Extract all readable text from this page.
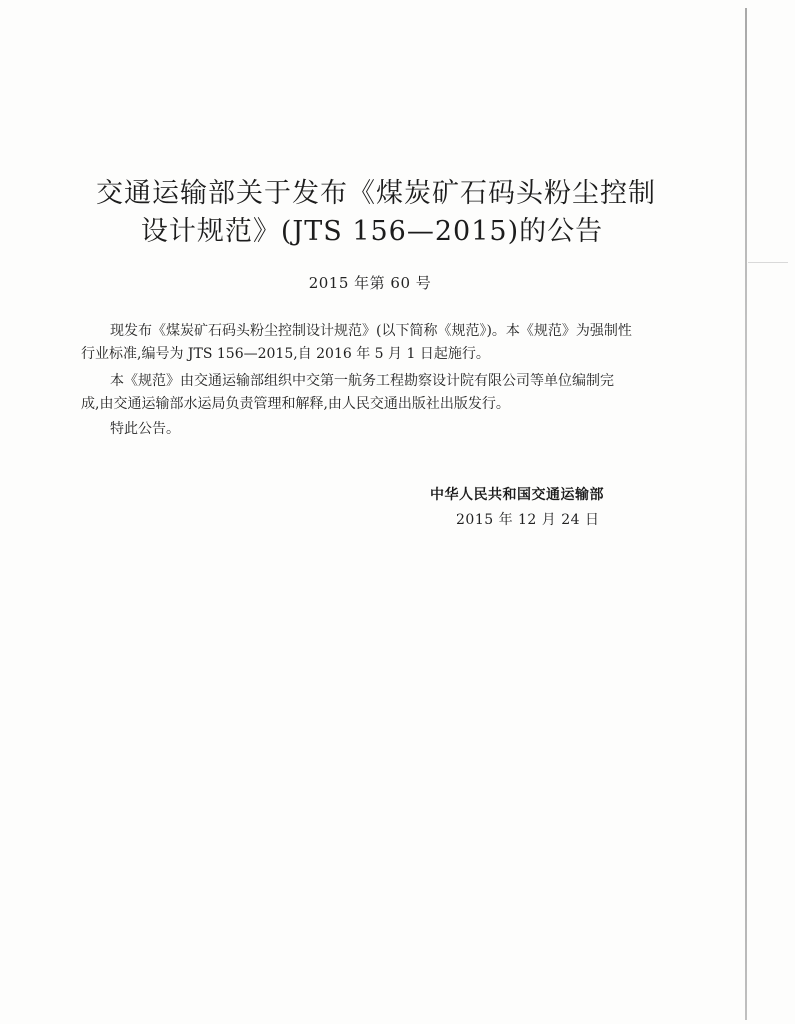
交通运输部关于发布《煤炭矿石码头粉尘控制
设计规范》(JTS 156—2015)的公告
2015 年第 60 号
现发布《煤炭矿石码头粉尘控制设计规范》(以下简称《规范》)。本《规范》为强制性
行业标准,编号为 JTS 156—2015,自 2016 年 5 月 1 日起施行。
本《规范》由交通运输部组织中交第一航务工程勘察设计院有限公司等单位编制完
成,由交通运输部水运局负责管理和解释,由人民交通出版社出版发行。
特此公告。
中华人民共和国交通运输部
2015 年 12 月 24 日
